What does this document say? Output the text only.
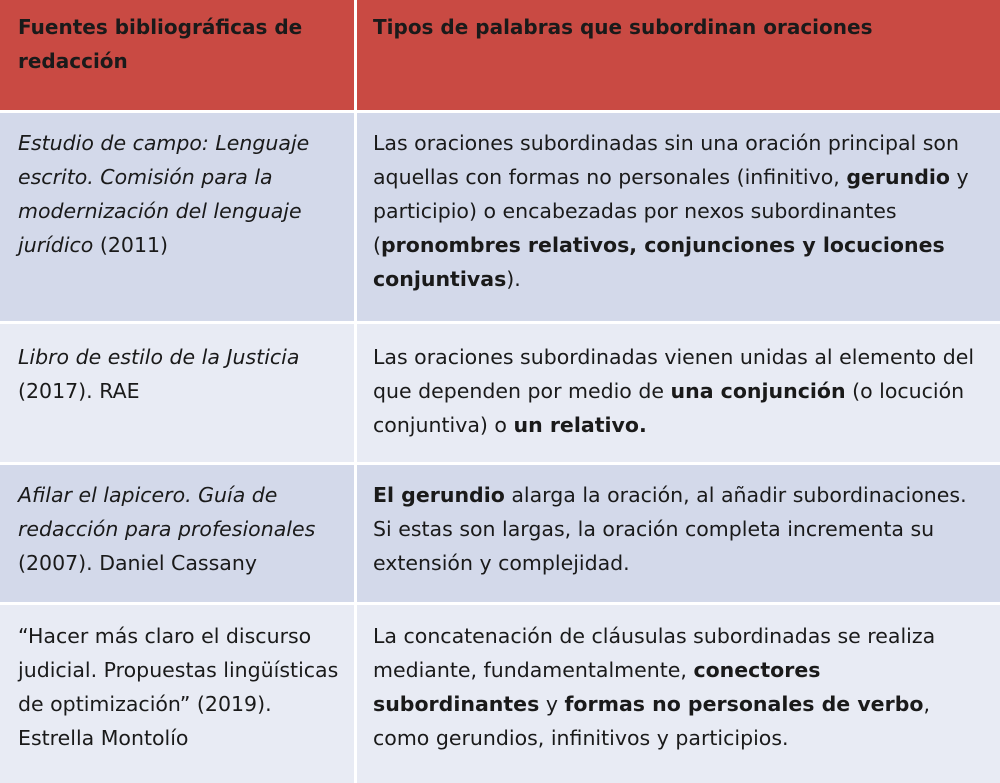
Fuentes bibliográficas de redacción	Tipos de palabras que subordinan oraciones
Estudio de campo: Lenguaje escrito. Comisión para la modernización del lenguaje jurídico (2011)	Las oraciones subordinadas sin una oración principal son aquellas con formas no personales (infinitivo, gerundio y participio) o encabezadas por nexos subordinantes (pronombres relativos, conjunciones y locuciones conjuntivas).
Libro de estilo de la Justicia (2017). RAE	Las oraciones subordinadas vienen unidas al elemento del que dependen por medio de una conjunción (o locución conjuntiva) o un relativo.
Afilar el lapicero. Guía de redacción para profesionales (2007). Daniel Cassany	El gerundio alarga la oración, al añadir subordinaciones. Si estas son largas, la oración completa incrementa su extensión y complejidad.
“Hacer más claro el discurso judicial. Propuestas lingüísticas de optimización” (2019). Estrella Montolío	La concatenación de cláusulas subordinadas se realiza mediante, fundamentalmente, conectores subordinantes y formas no personales de verbo, como gerundios, infinitivos y participios.
